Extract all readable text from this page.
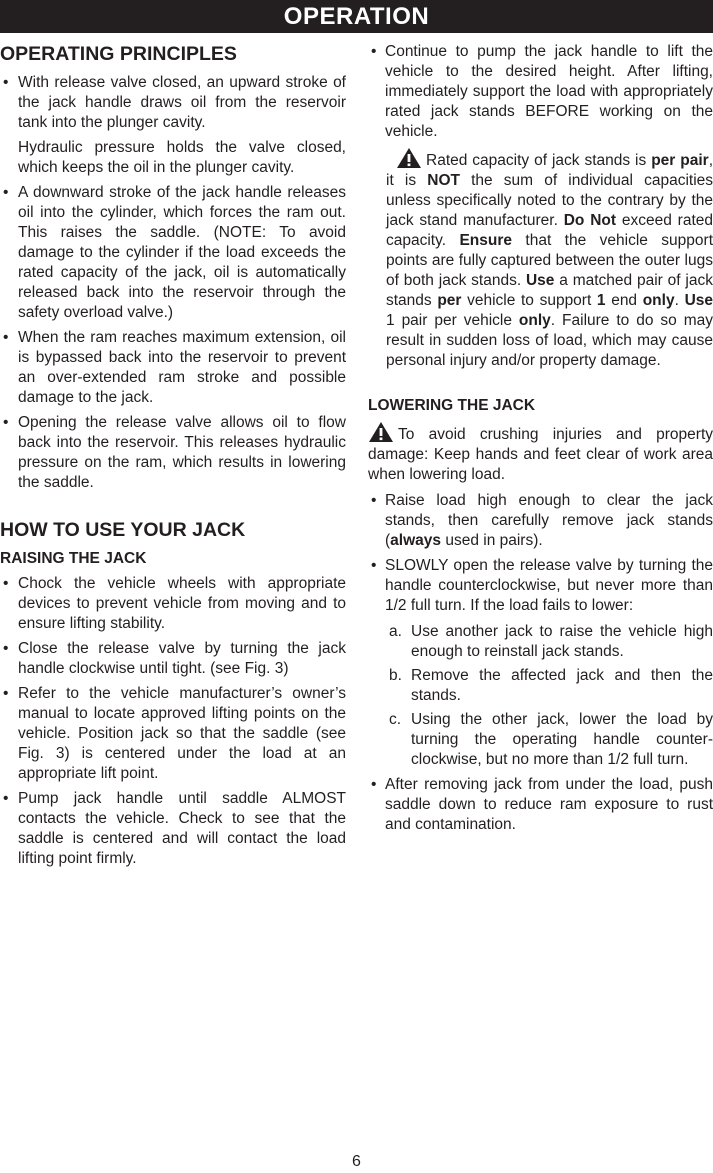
OPERATION
OPERATING PRINCIPLES
• With release valve closed, an upward stroke of the jack handle draws oil from the reservoir tank into the plunger cavity.

Hydraulic pressure holds the valve closed, which keeps the oil in the plunger cavity.

• A downward stroke of the jack handle releases oil into the cylinder, which forces the ram out. This raises the saddle. (NOTE: To avoid damage to the cylinder if the load exceeds the rated capacity of the jack, oil is automatically released back into the reservoir through the safety overload valve.)
• When the ram reaches maximum extension, oil is bypassed back into the reservoir to prevent an over-extended ram stroke and possible damage to the jack.
• Opening the release valve allows oil to flow back into the reservoir. This releases hydraulic pressure on the ram, which results in lowering the saddle.
HOW TO USE YOUR JACK
RAISING THE JACK
• Chock the vehicle wheels with appropriate devices to prevent vehicle from moving and to ensure lifting stability.
• Close the release valve by turning the jack handle clockwise until tight. (see Fig. 3)
• Refer to the vehicle manufacturer’s owner’s manual to locate approved lifting points on the vehicle. Position jack so that the saddle (see Fig. 3) is centered under the load at an appropriate lift point.
• Pump jack handle until saddle ALMOST contacts the vehicle. Check to see that the saddle is centered and will contact the load lifting point firmly.
• Continue to pump the jack handle to lift the vehicle to the desired height. After lifting, immediately support the load with appropriately rated jack stands BEFORE working on the vehicle.

Rated capacity of jack stands is per pair, it is NOT the sum of individual capacities unless specifically noted to the contrary by the jack stand manufacturer. Do Not exceed rated capacity. Ensure that the vehicle support points are fully captured between the outer lugs of both jack stands. Use a matched pair of jack stands per vehicle to support 1 end only. Use 1 pair per vehicle only. Failure to do so may result in sudden loss of load, which may cause personal injury and/or property damage.

LOWERING THE JACK

To avoid crushing injuries and property damage: Keep hands and feet clear of work area when lowering load.

• Raise load high enough to clear the jack stands, then carefully remove jack stands (always used in pairs).
• SLOWLY open the release valve by turning the handle counterclockwise, but never more than 1/2 full turn. If the load fails to lower:
a. Use another jack to raise the vehicle high enough to reinstall jack stands.
b. Remove the affected jack and then the stands.
c. Using the other jack, lower the load by turning the operating handle counter-clockwise, but no more than 1/2 full turn.
• After removing jack from under the load, push saddle down to reduce ram exposure to rust and contamination.
6
